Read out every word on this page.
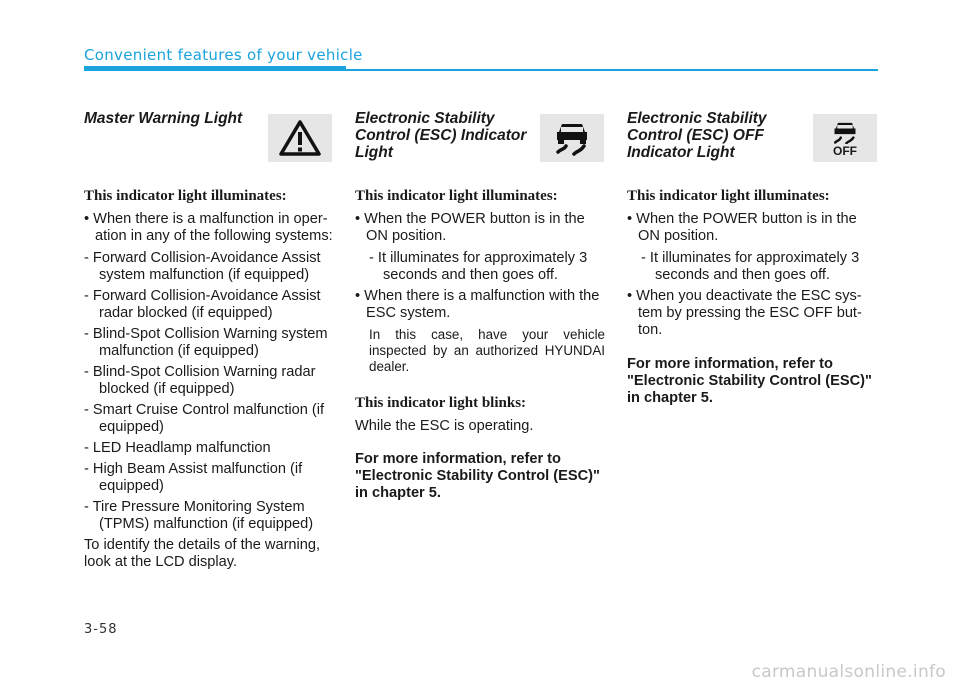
Convenient features of your vehicle
Master Warning Light
This indicator light illuminates:
• When there is a malfunction in oper-ation in any of the following systems:
- Forward Collision-Avoidance Assist system malfunction (if equipped)
- Forward Collision-Avoidance Assist radar blocked (if equipped)
- Blind-Spot Collision Warning system malfunction (if equipped)
- Blind-Spot Collision Warning radar blocked (if equipped)
- Smart Cruise Control malfunction (if equipped)
- LED Headlamp malfunction
- High Beam Assist malfunction (if equipped)
- Tire Pressure Monitoring System (TPMS) malfunction (if equipped)
To identify the details of the warning, look at the LCD display.
Electronic Stability
Control (ESC) Indicator
Light
This indicator light illuminates:
• When the POWER button is in the ON position.
- It illuminates for approximately 3 seconds and then goes off.
• When there is a malfunction with the ESC system.
In this case, have your vehicle inspected by an authorized HYUNDAI dealer.
This indicator light blinks:
While the ESC is operating.
For more information, refer to "Electronic Stability Control (ESC)" in chapter 5.
Electronic Stability
Control (ESC) OFF
Indicator Light	OFF
This indicator light illuminates:
• When the POWER button is in the ON position.
- It illuminates for approximately 3 seconds and then goes off.
• When you deactivate the ESC sys-tem by pressing the ESC OFF but-ton.
For more information, refer to "Electronic Stability Control (ESC)" in chapter 5.
3-58
carmanualsonline.info
